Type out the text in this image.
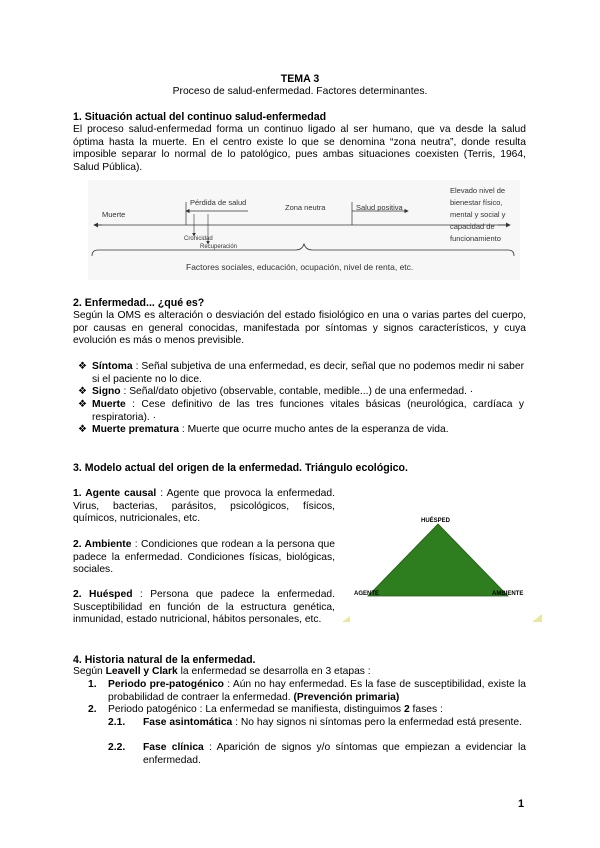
TEMA 3
Proceso de salud-enfermedad. Factores determinantes.
1. Situación actual del continuo salud-enfermedad

El proceso salud-enfermedad forma un continuo ligado al ser humano, que va desde la salud óptima hasta la muerte. En el centro existe lo que se denomina “zona neutra”, donde resulta imposible separar lo normal de lo patológico, pues ambas situaciones coexisten (Terris, 1964, Salud Pública).

Muerte
Pérdida de salud
Cronicidad
Recuperación
Zona neutra	Salud positiva
Elevado nivel de
bienestar físico,
mental y social y
capacidad de
funcionamiento
Factores sociales, educación, ocupación, nivel de renta, etc.
2. Enfermedad... ¿qué es?

Según la OMS es alteración o desviación del estado fisiológico en una o varias partes del cuerpo, por causas en general conocidas, manifestada por síntomas y signos característicos, y cuya evolución es más o menos previsible.

❖ Síntoma : Señal subjetiva de una enfermedad, es decir, señal que no podemos medir ni saber si el paciente no lo dice.
❖ Signo : Señal/dato objetivo (observable, contable, medible...) de una enfermedad. ·
❖ Muerte : Cese definitivo de las tres funciones vitales básicas (neurológica, cardíaca y respiratoria). ·
❖ Muerte prematura : Muerte que ocurre mucho antes de la esperanza de vida.
3. Modelo actual del origen de la enfermedad. Triángulo ecológico.

1. Agente causal : Agente que provoca la enfermedad. Virus, bacterias, parásitos, psicológicos, físicos, químicos, nutricionales, etc.

2. Ambiente : Condiciones que rodean a la persona que padece la enfermedad. Condiciones físicas, biológicas, sociales.

2. Huésped : Persona que padece la enfermedad. Susceptibilidad en función de la estructura genética, inmunidad, estado nutricional, hábitos personales, etc.

HUÉSPED
AGENTE	AMBIENTE
4. Historia natural de la enfermedad.

Según Leavell y Clark la enfermedad se desarrolla en 3 etapas :

1. Periodo pre-patogénico : Aún no hay enfermedad. Es la fase de susceptibilidad, existe la probabilidad de contraer la enfermedad. (Prevención primaria)

2. Periodo patogénico : La enfermedad se manifiesta, distinguimos 2 fases :

2.1. Fase asintomática : No hay signos ni síntomas pero la enfermedad está presente.

2.2. Fase clínica : Aparición de signos y/o síntomas que empiezan a evidenciar la enfermedad.

1
